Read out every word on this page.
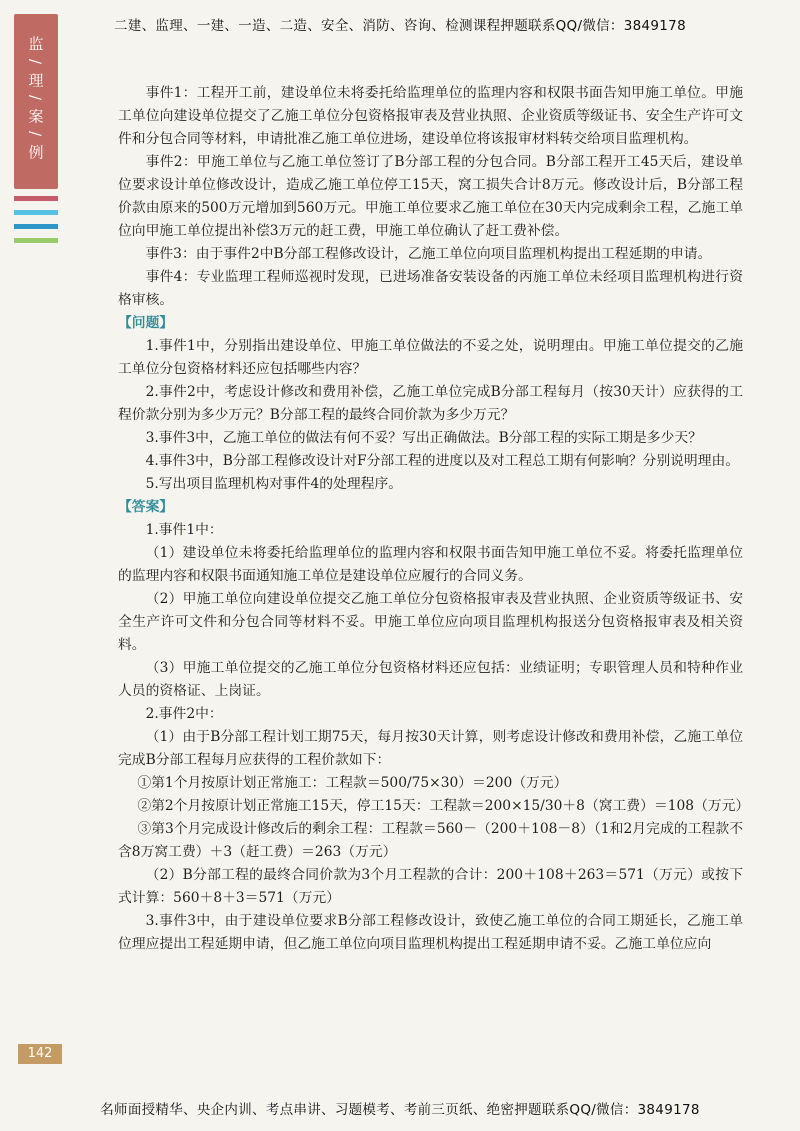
二建、监理、一建、一造、二造、安全、消防、咨询、检测课程押题联系QQ/微信：3849178
监/理/案/例	事件1：工程开工前，建设单位未将委托给监理单位的监理内容和权限书面告知甲施工单位。甲施工单位向建设单位提交了乙施工单位分包资格报审表及营业执照、企业资质等级证书、安全生产许可文件和分包合同等材料，申请批准乙施工单位进场，建设单位将该报审材料转交给项目监理机构。

事件2：甲施工单位与乙施工单位签订了B分部工程的分包合同。B分部工程开工45天后，建设单位要求设计单位修改设计，造成乙施工单位停工15天，窝工损失合计8万元。修改设计后，B分部工程价款由原来的500万元增加到560万元。甲施工单位要求乙施工单位在30天内完成剩余工程，乙施工单位向甲施工单位提出补偿3万元的赶工费，甲施工单位确认了赶工费补偿。

事件3：由于事件2中B分部工程修改设计，乙施工单位向项目监理机构提出工程延期的申请。

事件4：专业监理工程师巡视时发现，已进场准备安装设备的丙施工单位未经项目监理机构进行资格审核。

【问题】

1.事件1中，分别指出建设单位、甲施工单位做法的不妥之处，说明理由。甲施工单位提交的乙施工单位分包资格材料还应包括哪些内容？

2.事件2中，考虑设计修改和费用补偿，乙施工单位完成B分部工程每月（按30天计）应获得的工程价款分别为多少万元？B分部工程的最终合同价款为多少万元？

3.事件3中，乙施工单位的做法有何不妥？写出正确做法。B分部工程的实际工期是多少天？

4.事件3中，B分部工程修改设计对F分部工程的进度以及对工程总工期有何影响？分别说明理由。

5.写出项目监理机构对事件4的处理程序。

【答案】

1.事件1中：

（1）建设单位未将委托给监理单位的监理内容和权限书面告知甲施工单位不妥。将委托监理单位的监理内容和权限书面通知施工单位是建设单位应履行的合同义务。

（2）甲施工单位向建设单位提交乙施工单位分包资格报审表及营业执照、企业资质等级证书、安全生产许可文件和分包合同等材料不妥。甲施工单位应向项目监理机构报送分包资格报审表及相关资料。

（3）甲施工单位提交的乙施工单位分包资格材料还应包括：业绩证明；专职管理人员和特种作业人员的资格证、上岗证。

2.事件2中：

（1）由于B分部工程计划工期75天，每月按30天计算，则考虑设计修改和费用补偿，乙施工单位完成B分部工程每月应获得的工程价款如下：

①第1个月按原计划正常施工：工程款＝500/75×30）＝200（万元）

②第2个月按原计划正常施工15天，停工15天：工程款＝200×15/30＋8（窝工费）＝108（万元）

③第3个月完成设计修改后的剩余工程：工程款＝560－（200＋108－8）（1和2月完成的工程款不含8万窝工费）＋3（赶工费）＝263（万元）

（2）B分部工程的最终合同价款为3个月工程款的合计：200＋108＋263＝571（万元）或按下式计算：560＋8＋3＝571（万元）

3.事件3中，由于建设单位要求B分部工程修改设计，致使乙施工单位的合同工期延长，乙施工单位理应提出工程延期申请，但乙施工单位向项目监理机构提出工程延期申请不妥。乙施工单位应向

142
名师面授精华、央企内训、考点串讲、习题模考、考前三页纸、绝密押题联系QQ/微信：3849178
